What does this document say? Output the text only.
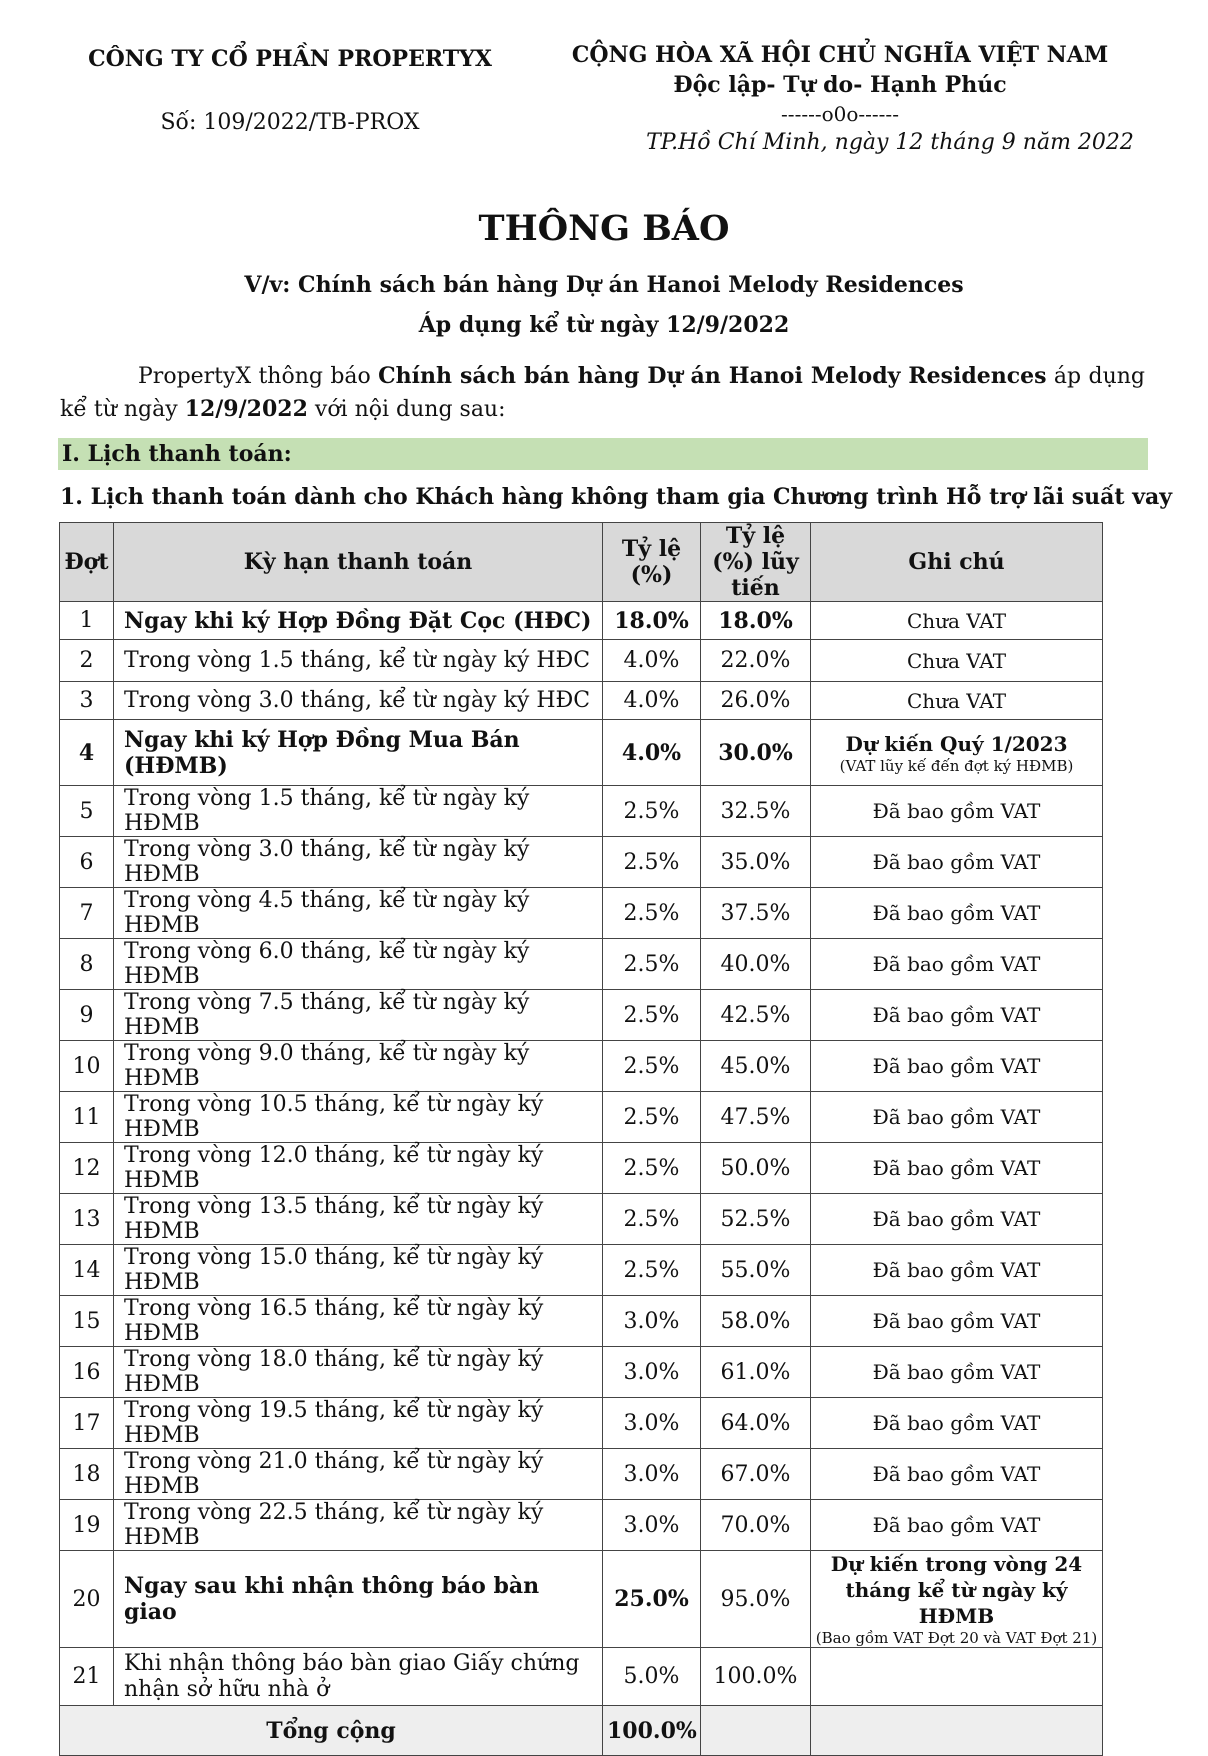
CÔNG TY CỔ PHẦN PROPERTYX
Số: 109/2022/TB-PROX
CỘNG HÒA XÃ HỘI CHỦ NGHĨA VIỆT NAM
Độc lập- Tự do- Hạnh Phúc
------o0o------
TP.Hồ Chí Minh, ngày 12 tháng 9 năm 2022
THÔNG BÁO
V/v: Chính sách bán hàng Dự án Hanoi Melody Residences
Áp dụng kể từ ngày 12/9/2022
PropertyX thông báo Chính sách bán hàng Dự án Hanoi Melody Residences áp dụng kể từ ngày 12/9/2022 với nội dung sau:
I. Lịch thanh toán:
1. Lịch thanh toán dành cho Khách hàng không tham gia Chương trình Hỗ trợ lãi suất vay
Đợt	Kỳ hạn thanh toán	Tỷ lệ (%)	Tỷ lệ (%) lũy tiến	Ghi chú
1	Ngay khi ký Hợp Đồng Đặt Cọc (HĐC)	18.0%	18.0%	Chưa VAT
2	Trong vòng 1.5 tháng, kể từ ngày ký HĐC	4.0%	22.0%	Chưa VAT
3	Trong vòng 3.0 tháng, kể từ ngày ký HĐC	4.0%	26.0%	Chưa VAT
4	Ngay khi ký Hợp Đồng Mua Bán (HĐMB)	4.0%	30.0%	Dự kiến Quý 1/2023
(VAT lũy kế đến đợt ký HĐMB)

5	Trong vòng 1.5 tháng, kể từ ngày ký HĐMB	2.5%	32.5%	Đã bao gồm VAT
6	Trong vòng 3.0 tháng, kể từ ngày ký HĐMB	2.5%	35.0%	Đã bao gồm VAT
7	Trong vòng 4.5 tháng, kể từ ngày ký HĐMB	2.5%	37.5%	Đã bao gồm VAT
8	Trong vòng 6.0 tháng, kể từ ngày ký HĐMB	2.5%	40.0%	Đã bao gồm VAT
9	Trong vòng 7.5 tháng, kể từ ngày ký HĐMB	2.5%	42.5%	Đã bao gồm VAT
10	Trong vòng 9.0 tháng, kể từ ngày ký HĐMB	2.5%	45.0%	Đã bao gồm VAT
11	Trong vòng 10.5 tháng, kể từ ngày ký HĐMB	2.5%	47.5%	Đã bao gồm VAT
12	Trong vòng 12.0 tháng, kể từ ngày ký HĐMB	2.5%	50.0%	Đã bao gồm VAT
13	Trong vòng 13.5 tháng, kể từ ngày ký HĐMB	2.5%	52.5%	Đã bao gồm VAT
14	Trong vòng 15.0 tháng, kể từ ngày ký HĐMB	2.5%	55.0%	Đã bao gồm VAT
15	Trong vòng 16.5 tháng, kể từ ngày ký HĐMB	3.0%	58.0%	Đã bao gồm VAT
16	Trong vòng 18.0 tháng, kể từ ngày ký HĐMB	3.0%	61.0%	Đã bao gồm VAT
17	Trong vòng 19.5 tháng, kể từ ngày ký HĐMB	3.0%	64.0%	Đã bao gồm VAT
18	Trong vòng 21.0 tháng, kể từ ngày ký HĐMB	3.0%	67.0%	Đã bao gồm VAT
19	Trong vòng 22.5 tháng, kể từ ngày ký HĐMB	3.0%	70.0%	Đã bao gồm VAT
20	Ngay sau khi nhận thông báo bàn giao	25.0%	95.0%	Dự kiến trong vòng 24 tháng kể từ ngày ký HĐMB
(Bao gồm VAT Đợt 20 và VAT Đợt 21)

21	Khi nhận thông báo bàn giao Giấy chứng nhận sở hữu nhà ở	5.0%	100.0%	
Tổng cộng		100.0%		
